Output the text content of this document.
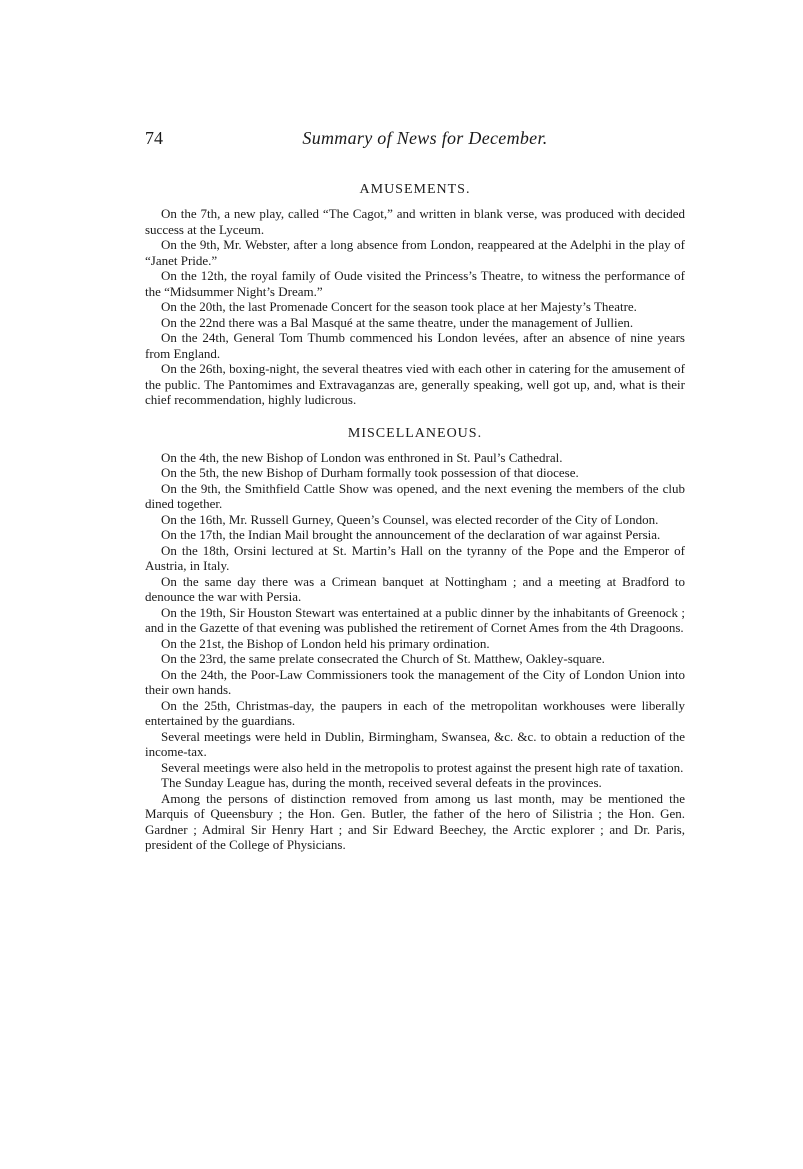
74	Summary of News for December.
AMUSEMENTS.

On the 7th, a new play, called “The Cagot,” and written in blank verse, was produced with decided success at the Lyceum.

On the 9th, Mr. Webster, after a long absence from London, reappeared at the Adelphi in the play of “Janet Pride.”

On the 12th, the royal family of Oude visited the Princess’s Theatre, to witness the performance of the “Midsummer Night’s Dream.”

On the 20th, the last Promenade Concert for the season took place at her Majesty’s Theatre.

On the 22nd there was a Bal Masqué at the same theatre, under the management of Jullien.

On the 24th, General Tom Thumb commenced his London levées, after an absence of nine years from England.

On the 26th, boxing-night, the several theatres vied with each other in catering for the amusement of the public. The Pantomimes and Extravaganzas are, generally speaking, well got up, and, what is their chief recommendation, highly ludicrous.

MISCELLANEOUS.

On the 4th, the new Bishop of London was enthroned in St. Paul’s Cathedral.

On the 5th, the new Bishop of Durham formally took possession of that diocese.

On the 9th, the Smithfield Cattle Show was opened, and the next evening the members of the club dined together.

On the 16th, Mr. Russell Gurney, Queen’s Counsel, was elected recorder of the City of London.

On the 17th, the Indian Mail brought the announcement of the declaration of war against Persia.

On the 18th, Orsini lectured at St. Martin’s Hall on the tyranny of the Pope and the Emperor of Austria, in Italy.

On the same day there was a Crimean banquet at Nottingham ; and a meeting at Bradford to denounce the war with Persia.

On the 19th, Sir Houston Stewart was entertained at a public dinner by the inhabitants of Greenock ; and in the Gazette of that evening was published the retirement of Cornet Ames from the 4th Dragoons.

On the 21st, the Bishop of London held his primary ordination.

On the 23rd, the same prelate consecrated the Church of St. Matthew, Oakley-square.

On the 24th, the Poor-Law Commissioners took the management of the City of London Union into their own hands.

On the 25th, Christmas-day, the paupers in each of the metropolitan workhouses were liberally entertained by the guardians.

Several meetings were held in Dublin, Birmingham, Swansea, &c. &c. to obtain a reduction of the income-tax.

Several meetings were also held in the metropolis to protest against the present high rate of taxation.

The Sunday League has, during the month, received several defeats in the provinces.

Among the persons of distinction removed from among us last month, may be mentioned the Marquis of Queensbury ; the Hon. Gen. Butler, the father of the hero of Silistria ; the Hon. Gen. Gardner ; Admiral Sir Henry Hart ; and Sir Edward Beechey, the Arctic explorer ; and Dr. Paris, president of the College of Physicians.
